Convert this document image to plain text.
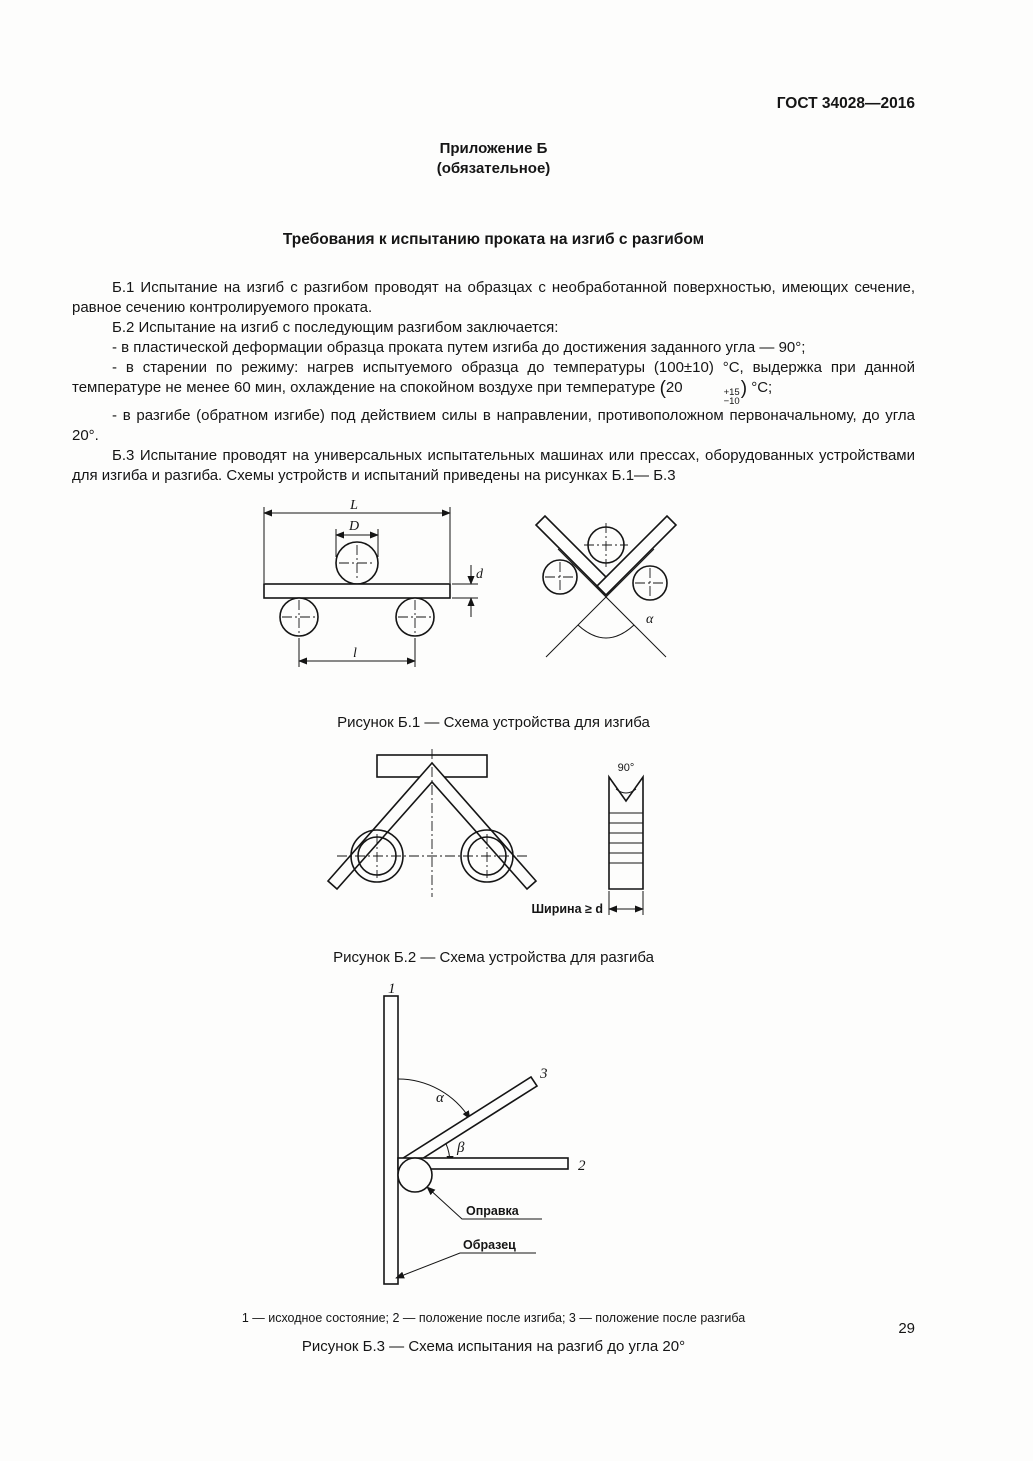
ГОСТ 34028—2016
Приложение Б
(обязательное)
Требования к испытанию проката на изгиб с разгибом

Б.1 Испытание на изгиб с разгибом проводят на образцах с необработанной поверхностью, имеющих сечение, равное сечению контролируемого проката.

Б.2 Испытание на изгиб с последующим разгибом заключается:

- в пластической деформации образца проката путем изгиба до достижения заданного угла — 90°;

- в старении по режиму: нагрев испытуемого образца до температуры (100±10) °С, выдержка при данной температуре не менее 60 мин, охлаждение на спокойном воздухе при температуре (20	+15
−10
) °С;

- в разгибе (обратном изгибе) под действием силы в направлении, противоположном первоначальному, до угла 20°.

Б.3 Испытание проводят на универсальных испытательных машинах или прессах, оборудованных устройствами для изгиба и разгиба. Схемы устройств и испытаний приведены на рисунках Б.1— Б.3

L
D
l
d
α
Рисунок Б.1 — Схема устройства для изгиба
90°
Ширина ≥ d
Рисунок Б.2 — Схема устройства для разгиба
1
α
β
3
2
Оправка
Образец
1 — исходное состояние; 2 — положение после изгиба; 3 — положение после разгиба
Рисунок Б.3 — Схема испытания на разгиб до угла 20°
29
